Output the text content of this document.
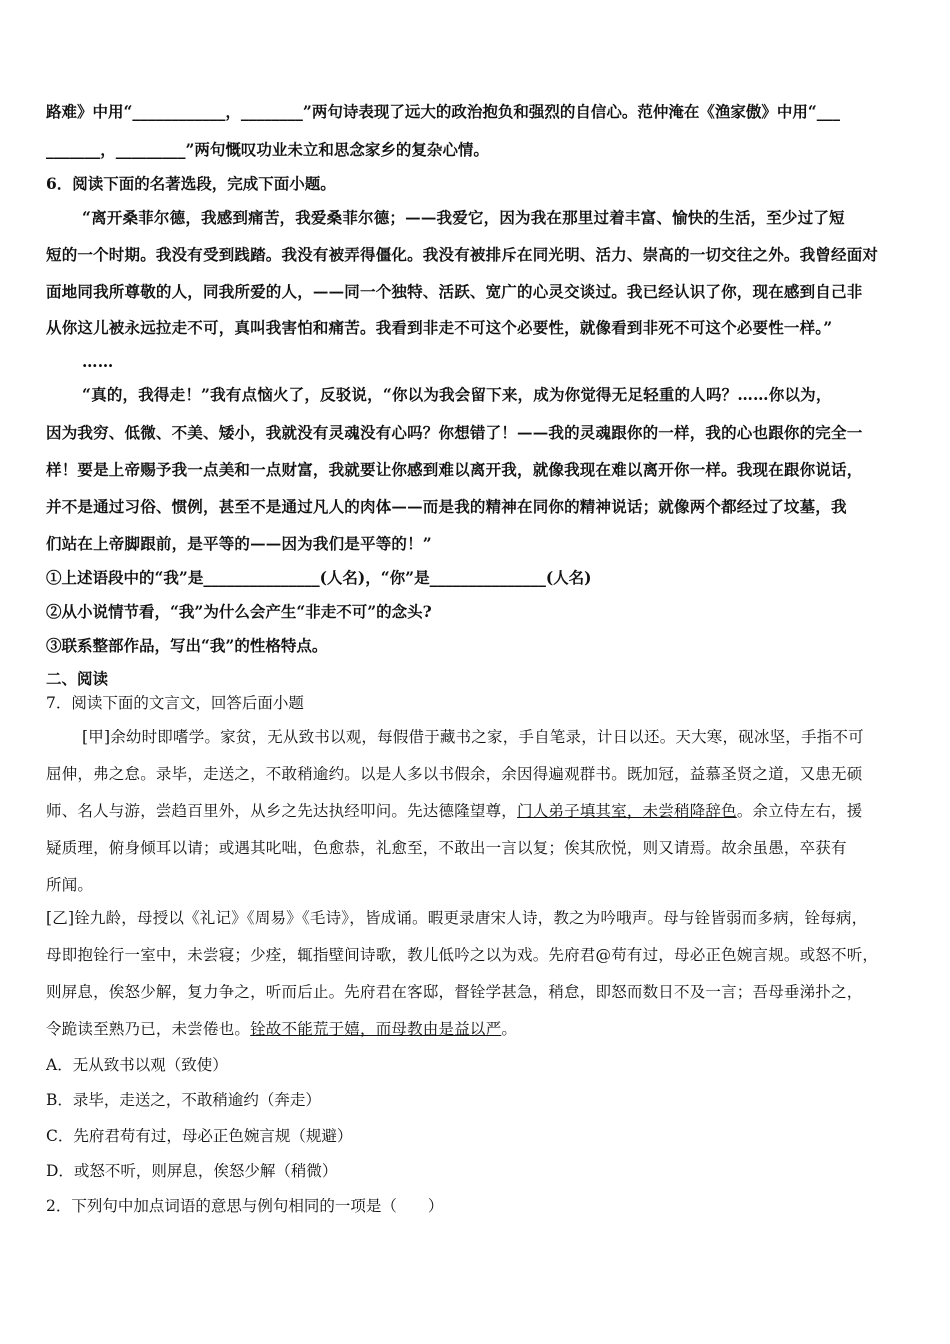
路难》中用“____________，________”两句诗表现了远大的政治抱负和强烈的自信心。范仲淹在《渔家傲》中用“___
_______，_________”两句慨叹功业未立和思念家乡的复杂心情。
6．阅读下面的名著选段，完成下面小题。
“离开桑菲尔德，我感到痛苦，我爱桑菲尔德；——我爱它，因为我在那里过着丰富、愉快的生活，至少过了短
短的一个时期。我没有受到践踏。我没有被弄得僵化。我没有被排斥在同光明、活力、崇高的一切交往之外。我曾经面对
面地同我所尊敬的人，同我所爱的人，——同一个独特、活跃、宽广的心灵交谈过。我已经认识了你，现在感到自己非
从你这儿被永远拉走不可，真叫我害怕和痛苦。我看到非走不可这个必要性，就像看到非死不可这个必要性一样。”
……
“真的，我得走！”我有点恼火了，反驳说，“你以为我会留下来，成为你觉得无足轻重的人吗？……你以为，
因为我穷、低微、不美、矮小，我就没有灵魂没有心吗？你想错了！——我的灵魂跟你的一样，我的心也跟你的完全一
样！要是上帝赐予我一点美和一点财富，我就要让你感到难以离开我，就像我现在难以离开你一样。我现在跟你说话，
并不是通过习俗、惯例，甚至不是通过凡人的肉体——而是我的精神在同你的精神说话；就像两个都经过了坟墓，我
们站在上帝脚跟前，是平等的——因为我们是平等的！”
①上述语段中的“我”是_______________(人名)，“你”是_______________(人名)
②从小说情节看，“我”为什么会产生“非走不可”的念头?
③联系整部作品，写出“我”的性格特点。
二、阅读
7．阅读下面的文言文，回答后面小题
[甲]余幼时即嗜学。家贫，无从致书以观，每假借于藏书之家，手自笔录，计日以还。天大寒，砚冰坚，手指不可
屈伸，弗之怠。录毕，走送之，不敢稍逾约。以是人多以书假余，余因得遍观群书。既加冠，益慕圣贤之道，又患无硕
师、名人与游，尝趋百里外，从乡之先达执经叩问。先达德隆望尊，门人弟子填其室，未尝稍降辞色。余立侍左右，援
疑质理，俯身倾耳以请；或遇其叱咄，色愈恭，礼愈至，不敢出一言以复；俟其欣悦，则又请焉。故余虽愚，卒获有
所闻。
[乙]铨九龄，母授以《礼记》《周易》《毛诗》，皆成诵。暇更录唐宋人诗，教之为吟哦声。母与铨皆弱而多病，铨每病，
母即抱铨行一室中，未尝寝；少痊，辄指壁间诗歌，教儿低吟之以为戏。先府君@苟有过，母必正色婉言规。或怒不听，
则屏息，俟怒少解，复力争之，听而后止。先府君在客邸，督铨学甚急，稍怠，即怒而数日不及一言；吾母垂涕扑之，
令跪读至熟乃已，未尝倦也。铨故不能荒于嬉，而母教由是益以严。
A．无从致书以观（致使）
B．录毕，走送之，不敢稍逾约（奔走）
C．先府君苟有过，母必正色婉言规（规避）
D．或怒不听，则屏息，俟怒少解（稍微）
2．下列句中加点词语的意思与例句相同的一项是（　　）
